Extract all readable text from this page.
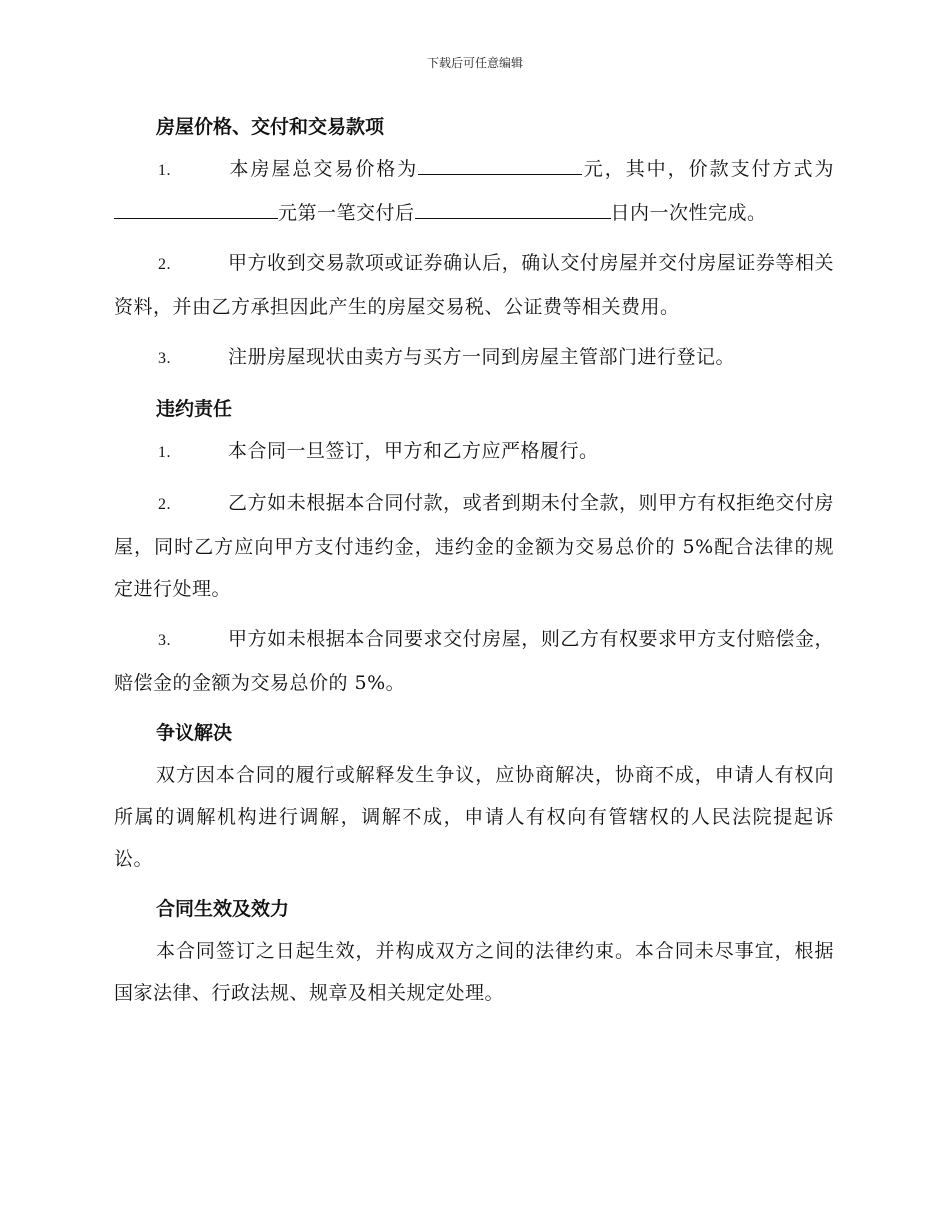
下载后可任意编辑
房屋价格、交付和交易款项

1.	本房屋总交易价格为	元，其中，价款支付方式为元第一笔交付后	日内一次性完成。

2.	甲方收到交易款项或证券确认后，确认交付房屋并交付房屋证券等相关资料，并由乙方承担因此产生的房屋交易税、公证费等相关费用。

3.	注册房屋现状由卖方与买方一同到房屋主管部门进行登记。

违约责任

1.	本合同一旦签订，甲方和乙方应严格履行。

2.	乙方如未根据本合同付款，或者到期未付全款，则甲方有权拒绝交付房屋，同时乙方应向甲方支付违约金，违约金的金额为交易总价的 5%配合法律的规定进行处理。

3.	甲方如未根据本合同要求交付房屋，则乙方有权要求甲方支付赔偿金，赔偿金的金额为交易总价的 5%。

争议解决

双方因本合同的履行或解释发生争议，应协商解决，协商不成，申请人有权向所属的调解机构进行调解，调解不成，申请人有权向有管辖权的人民法院提起诉讼。

合同生效及效力

本合同签订之日起生效，并构成双方之间的法律约束。本合同未尽事宜，根据国家法律、行政法规、规章及相关规定处理。
